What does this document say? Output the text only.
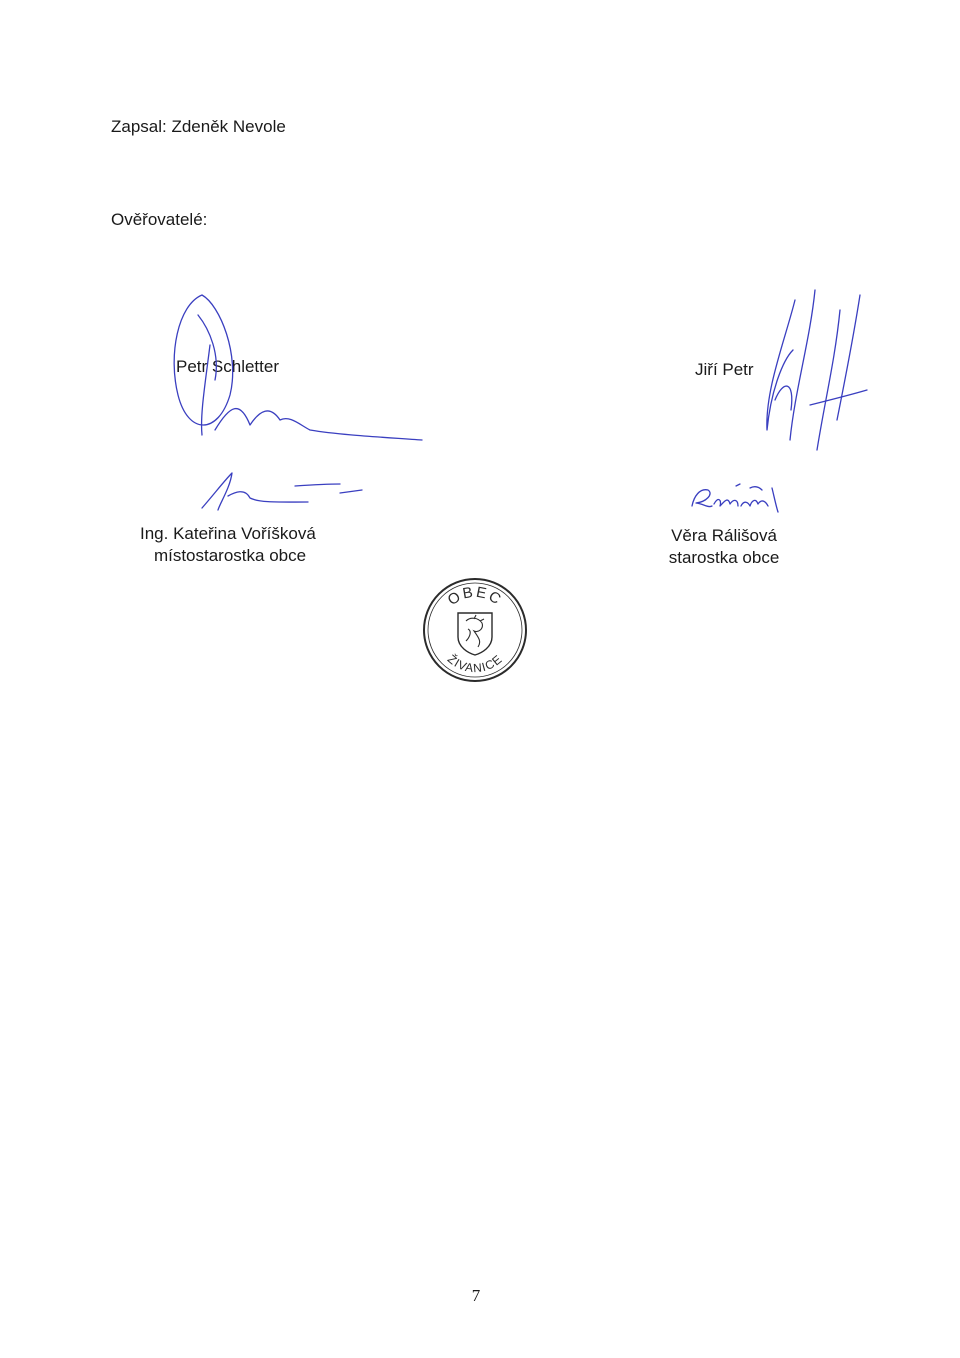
Zapsal: Zdeněk Nevole
Ověřovatelé:
Petr Schletter	Jiří Petr
Ing. Kateřina Voříšková
místostarostka obce
Věra Rálišová
starostka obce
OBEC
ŽIVANICE
7
